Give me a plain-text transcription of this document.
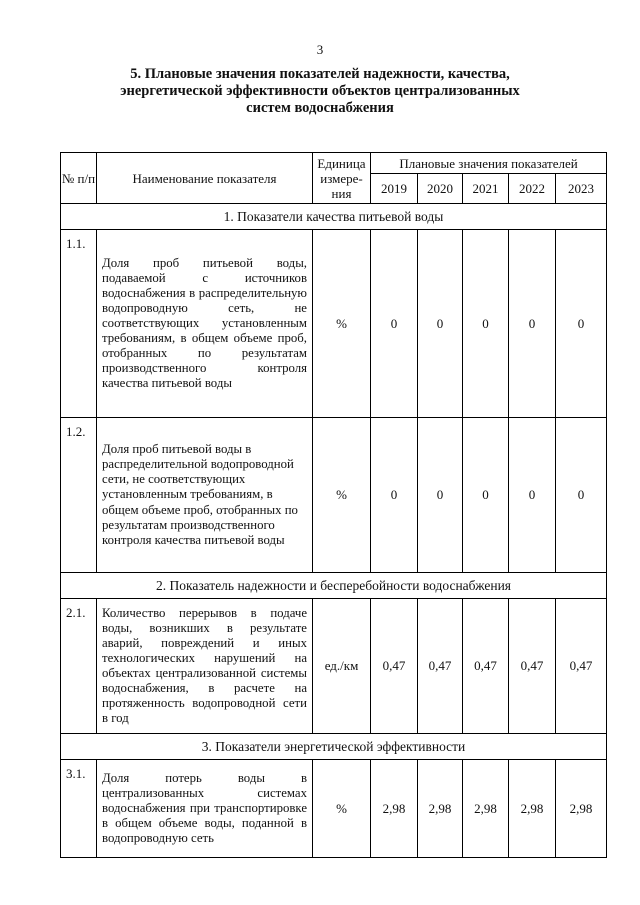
3
5. Плановые значения показателей надежности, качества,
энергетической эффективности объектов централизованных
систем водоснабжения
№ п/п	Наименование показателя	Единица измере-ния	Плановые значения показателей				
			2019	2020	2021	2022	2023
1. Показатели качества питьевой воды							
1.1.	Доля проб питьевой воды, подаваемой с источников водоснабжения в распределительную водопроводную сеть, не соответствующих установленным требованиям, в общем объеме проб, отобранных по результатам производственного контроля качества питьевой воды	%	0	0	0	0	0
1.2.	Доля проб питьевой воды в распределительной водопроводной сети, не соответствующих установленным требованиям, в общем объеме проб, отобранных по результатам производственного контроля качества питьевой воды	%	0	0	0	0	0
2. Показатель надежности и бесперебойности водоснабжения							
2.1.	Количество перерывов в подаче воды, возникших в результате аварий, повреждений и иных технологических нарушений на объектах централизованной системы водоснабжения, в расчете на протяженность водопроводной сети в год	ед./км	0,47	0,47	0,47	0,47	0,47
3. Показатели энергетической эффективности							
3.1.	Доля потерь воды в централизованных системах водоснабжения при транспортировке в общем объеме воды, поданной в водопроводную сеть	%	2,98	2,98	2,98	2,98	2,98
